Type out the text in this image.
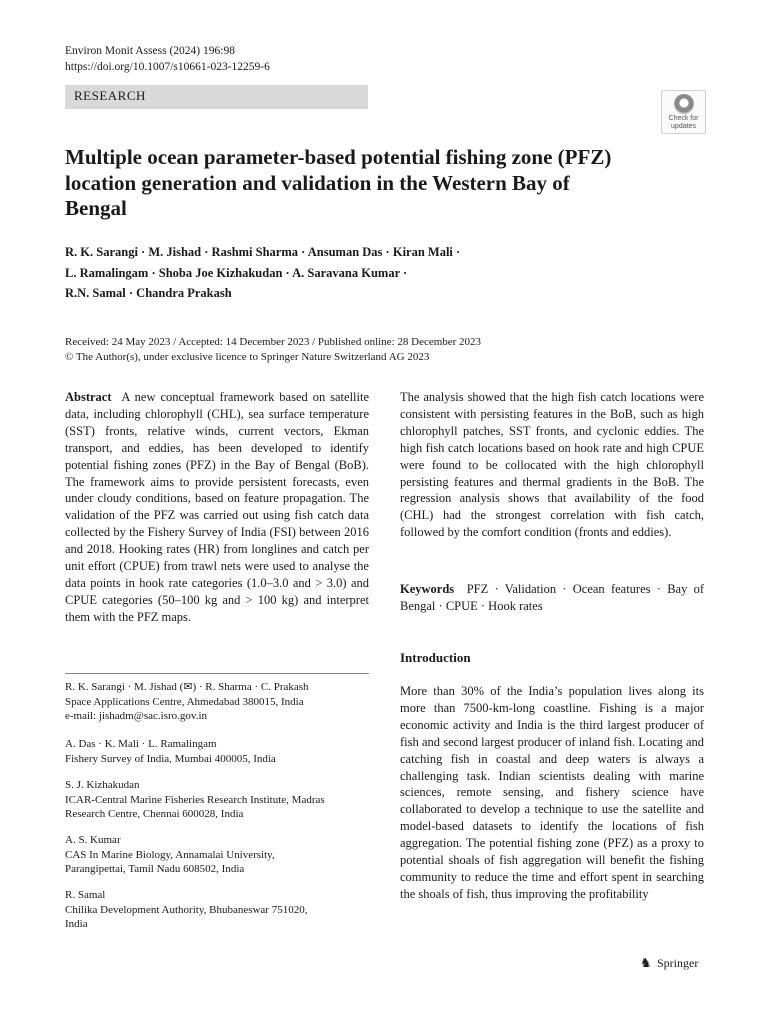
Environ Monit Assess (2024) 196:98
https://doi.org/10.1007/s10661-023-12259-6
RESEARCH
Check for
updates
Multiple ocean parameter-based potential fishing zone (PFZ) location generation and validation in the Western Bay of Bengal
R. K. Sarangi · M. Jishad · Rashmi Sharma · Ansuman Das · Kiran Mali ·
L. Ramalingam · Shoba Joe Kizhakudan · A. Saravana Kumar ·
R.N. Samal · Chandra Prakash
Received: 24 May 2023 / Accepted: 14 December 2023 / Published online: 28 December 2023
© The Author(s), under exclusive licence to Springer Nature Switzerland AG 2023
Abstract A new conceptual framework based on satellite data, including chlorophyll (CHL), sea surface temperature (SST) fronts, relative winds, current vectors, Ekman transport, and eddies, has been developed to identify potential fishing zones (PFZ) in the Bay of Bengal (BoB). The framework aims to provide persistent forecasts, even under cloudy conditions, based on feature propagation. The validation of the PFZ was carried out using fish catch data collected by the Fishery Survey of India (FSI) between 2016 and 2018. Hooking rates (HR) from longlines and catch per unit effort (CPUE) from trawl nets were used to analyse the data points in hook rate categories (1.0–3.0 and > 3.0) and CPUE categories (50–100 kg and > 100 kg) and interpret them with the PFZ maps.
The analysis showed that the high fish catch locations were consistent with persisting features in the BoB, such as high chlorophyll patches, SST fronts, and cyclonic eddies. The high fish catch locations based on hook rate and high CPUE were found to be collocated with the high chlorophyll persisting features and thermal gradients in the BoB. The regression analysis shows that availability of the food (CHL) had the strongest correlation with fish catch, followed by the comfort condition (fronts and eddies).
Keywords PFZ · Validation · Ocean features · Bay of Bengal · CPUE · Hook rates
R. K. Sarangi · M. Jishad (✉) · R. Sharma · C. Prakash
Space Applications Centre, Ahmedabad 380015, India
e-mail: jishadm@sac.isro.gov.in
A. Das · K. Mali · L. Ramalingam
Fishery Survey of India, Mumbai 400005, India
S. J. Kizhakudan
ICAR-Central Marine Fisheries Research Institute, Madras
Research Centre, Chennai 600028, India
A. S. Kumar
CAS In Marine Biology, Annamalai University,
Parangipettai, Tamil Nadu 608502, India
R. Samal
Chilika Development Authority, Bhubaneswar 751020,
India
Introduction
More than 30% of the India’s population lives along its more than 7500-km-long coastline. Fishing is a major economic activity and India is the third largest producer of fish and second largest producer of inland fish. Locating and catching fish in coastal and deep waters is always a challenging task. Indian scientists dealing with marine sciences, remote sensing, and fishery science have collaborated to develop a technique to use the satellite and model-based datasets to identify the locations of fish aggregation. The potential fishing zone (PFZ) as a proxy to potential shoals of fish aggregation will benefit the fishing community to reduce the time and effort spent in searching the shoals of fish, thus improving the profitability
♞ Springer
